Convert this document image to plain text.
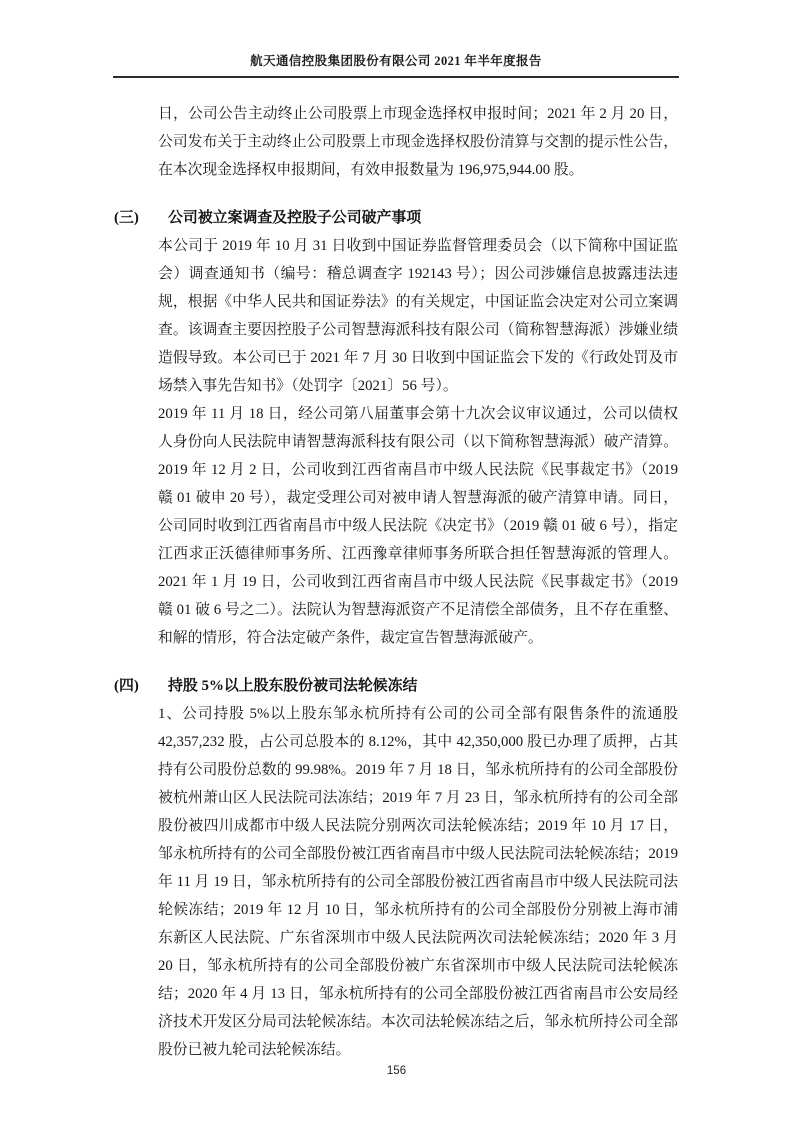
航天通信控股集团股份有限公司 2021 年半年度报告

日，公司公告主动终止公司股票上市现金选择权申报时间；2021 年 2 月 20 日，公司发布关于主动终止公司股票上市现金选择权股份清算与交割的提示性公告，在本次现金选择权申报期间，有效申报数量为 196,975,944.00 股。

(三)	公司被立案调查及控股子公司破产事项

本公司于 2019 年 10 月 31 日收到中国证券监督管理委员会（以下简称中国证监会）调查通知书（编号：稽总调查字 192143 号）；因公司涉嫌信息披露违法违规，根据《中华人民共和国证券法》的有关规定，中国证监会决定对公司立案调查。该调查主要因控股子公司智慧海派科技有限公司（简称智慧海派）涉嫌业绩造假导致。本公司已于 2021 年 7 月 30 日收到中国证监会下发的《行政处罚及市场禁入事先告知书》（处罚字〔2021〕56 号）。

2019 年 11 月 18 日，经公司第八届董事会第十九次会议审议通过，公司以债权人身份向人民法院申请智慧海派科技有限公司（以下简称智慧海派）破产清算。2019 年 12 月 2 日，公司收到江西省南昌市中级人民法院《民事裁定书》（2019 赣 01 破申 20 号），裁定受理公司对被申请人智慧海派的破产清算申请。同日，公司同时收到江西省南昌市中级人民法院《决定书》（2019 赣 01 破 6 号），指定江西求正沃德律师事务所、江西豫章律师事务所联合担任智慧海派的管理人。2021 年 1 月 19 日，公司收到江西省南昌市中级人民法院《民事裁定书》（2019 赣 01 破 6 号之二）。法院认为智慧海派资产不足清偿全部债务，且不存在重整、和解的情形，符合法定破产条件，裁定宣告智慧海派破产。

(四)	持股 5%以上股东股份被司法轮候冻结

1、公司持股 5%以上股东邹永杭所持有公司的公司全部有限售条件的流通股 42,357,232 股，占公司总股本的 8.12%，其中 42,350,000 股已办理了质押，占其持有公司股份总数的 99.98%。2019 年 7 月 18 日，邹永杭所持有的公司全部股份被杭州萧山区人民法院司法冻结；2019 年 7 月 23 日，邹永杭所持有的公司全部股份被四川成都市中级人民法院分别两次司法轮候冻结；2019 年 10 月 17 日，邹永杭所持有的公司全部股份被江西省南昌市中级人民法院司法轮候冻结；2019 年 11 月 19 日，邹永杭所持有的公司全部股份被江西省南昌市中级人民法院司法轮候冻结；2019 年 12 月 10 日，邹永杭所持有的公司全部股份分别被上海市浦东新区人民法院、广东省深圳市中级人民法院两次司法轮候冻结；2020 年 3 月 20 日，邹永杭所持有的公司全部股份被广东省深圳市中级人民法院司法轮候冻结；2020 年 4 月 13 日，邹永杭所持有的公司全部股份被江西省南昌市公安局经济技术开发区分局司法轮候冻结。本次司法轮候冻结之后，邹永杭所持公司全部股份已被九轮司法轮候冻结。

156
